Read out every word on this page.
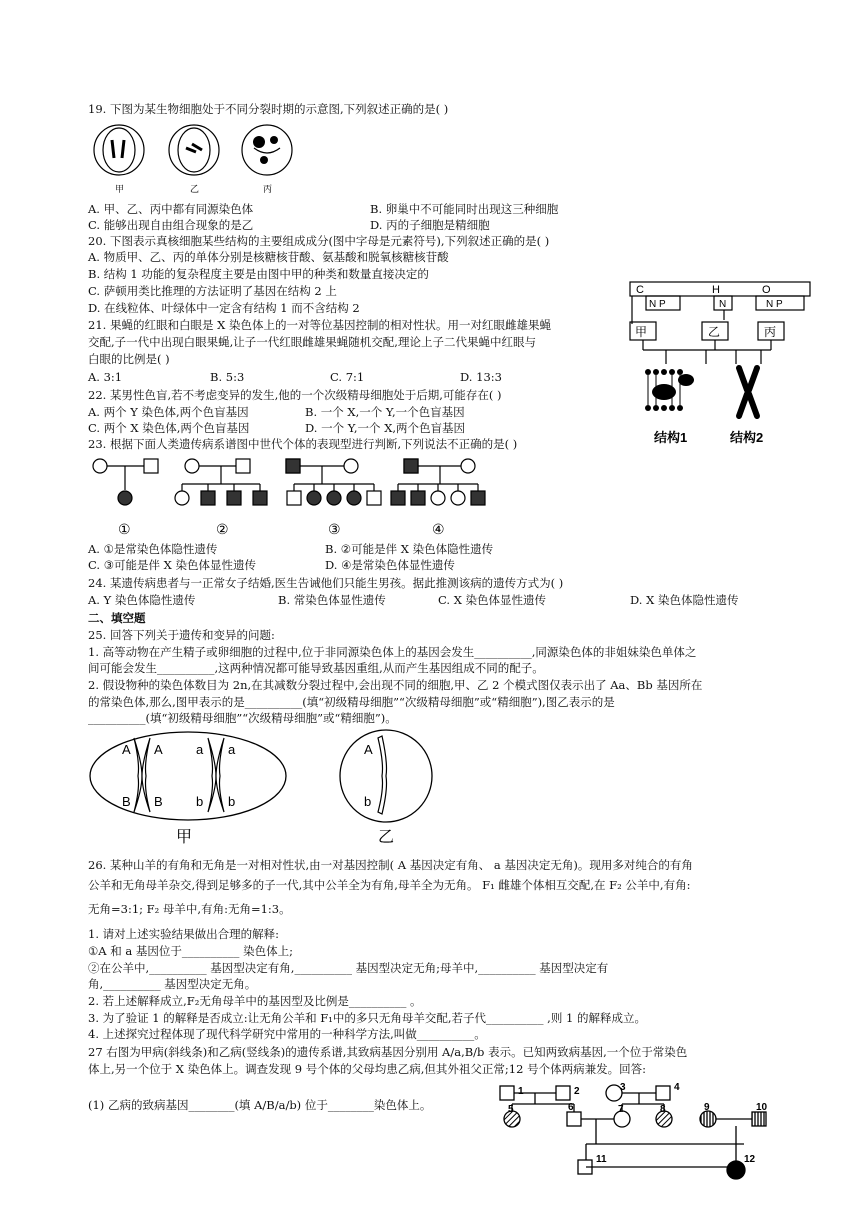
19. 下图为某生物细胞处于不同分裂时期的示意图,下列叙述正确的是( )
甲	乙	丙
A. 甲、乙、丙中都有同源染色体	B. 卵巢中不可能同时出现这三种细胞
C. 能够出现自由组合现象的是乙	D. 丙的子细胞是精细胞
20. 下图表示真核细胞某些结构的主要组成成分(图中字母是元素符号),下列叙述正确的是( )
A. 物质甲、乙、丙的单体分别是核糖核苷酸、氨基酸和脱氧核糖核苷酸
B. 结构 1 功能的复杂程度主要是由图中甲的种类和数量直接决定的
C. 萨顿用类比推理的方法证明了基因在结构 2 上
D. 在线粒体、叶绿体中一定含有结构 1 而不含结构 2
C	H	O
N P	N	N P
甲	乙	丙
结构1	结构2
21. 果蝇的红眼和白眼是 X 染色体上的一对等位基因控制的相对性状。用一对红眼雌雄果蝇
交配,子一代中出现白眼果蝇,让子一代红眼雌雄果蝇随机交配,理论上子二代果蝇中红眼与
白眼的比例是( )
A. 3:1	B. 5:3	C. 7:1	D. 13:3
22. 某男性色盲,若不考虑变异的发生,他的一个次级精母细胞处于后期,可能存在( )
A. 两个 Y 染色体,两个色盲基因	B. 一个 X,一个 Y,一个色盲基因
C. 两个 X 染色体,两个色盲基因	D. 一个 Y,一个 X,两个色盲基因
23. 根据下面人类遗传病系谱图中世代个体的表现型进行判断,下列说法不正确的是( )
①	②	③	④
A. ①是常染色体隐性遗传	B. ②可能是伴 X 染色体隐性遗传
C. ③可能是伴 X 染色体显性遗传	D. ④是常染色体显性遗传
24. 某遗传病患者与一正常女子结婚,医生告诫他们只能生男孩。据此推测该病的遗传方式为( )
A. Y 染色体隐性遗传	B. 常染色体显性遗传	C. X 染色体显性遗传	D. X 染色体隐性遗传
二、填空题
25. 回答下列关于遗传和变异的问题:
1. 高等动物在产生精子或卵细胞的过程中,位于非同源染色体上的基因会发生__________,同源染色体的非姐妹染色单体之
间可能会发生__________,这两种情况都可能导致基因重组,从而产生基因组成不同的配子。
2. 假设物种的染色体数目为 2n,在其减数分裂过程中,会出现不同的细胞,甲、乙 2 个模式图仅表示出了 Aa、Bb 基因所在
的常染色体,那么,图甲表示的是__________(填“初级精母细胞”“次级精母细胞”或“精细胞”),图乙表示的是
__________(填“初级精母细胞”“次级精母细胞”或“精细胞”)。
A A	a a
B B	b b
A
b
甲	乙
26. 某种山羊的有角和无角是一对相对性状,由一对基因控制( A 基因决定有角、 a 基因决定无角)。现用多对纯合的有角
公羊和无角母羊杂交,得到足够多的子一代,其中公羊全为有角,母羊全为无角。 F₁ 雌雄个体相互交配,在 F₂ 公羊中,有角:
无角=3:1; F₂ 母羊中,有角:无角=1:3。
1. 请对上述实验结果做出合理的解释:
①A 和 a 基因位于__________ 染色体上;
②在公羊中,__________ 基因型决定有角,__________ 基因型决定无角;母羊中,__________ 基因型决定有
角,__________ 基因型决定无角。
2. 若上述解释成立,F₂无角母羊中的基因型及比例是__________ 。
3. 为了验证 1 的解释是否成立:让无角公羊和 F₁中的多只无角母羊交配,若子代__________ ,则 1 的解释成立。
4. 上述探究过程体现了现代科学研究中常用的一种科学方法,叫做__________。
27 右图为甲病(斜线条)和乙病(竖线条)的遗传系谱,其致病基因分别用 A/a,B/b 表示。已知两致病基因,一个位于常染色
体上,另一个位于 X 染色体上。调查发现 9 号个体的父母均患乙病,但其外祖父正常;12 号个体两病兼发。回答:
(1) 乙病的致病基因________(填 A/B/a/b) 位于________染色体上。
1	2	3	4
5	6	7	8	9	10
11	12
